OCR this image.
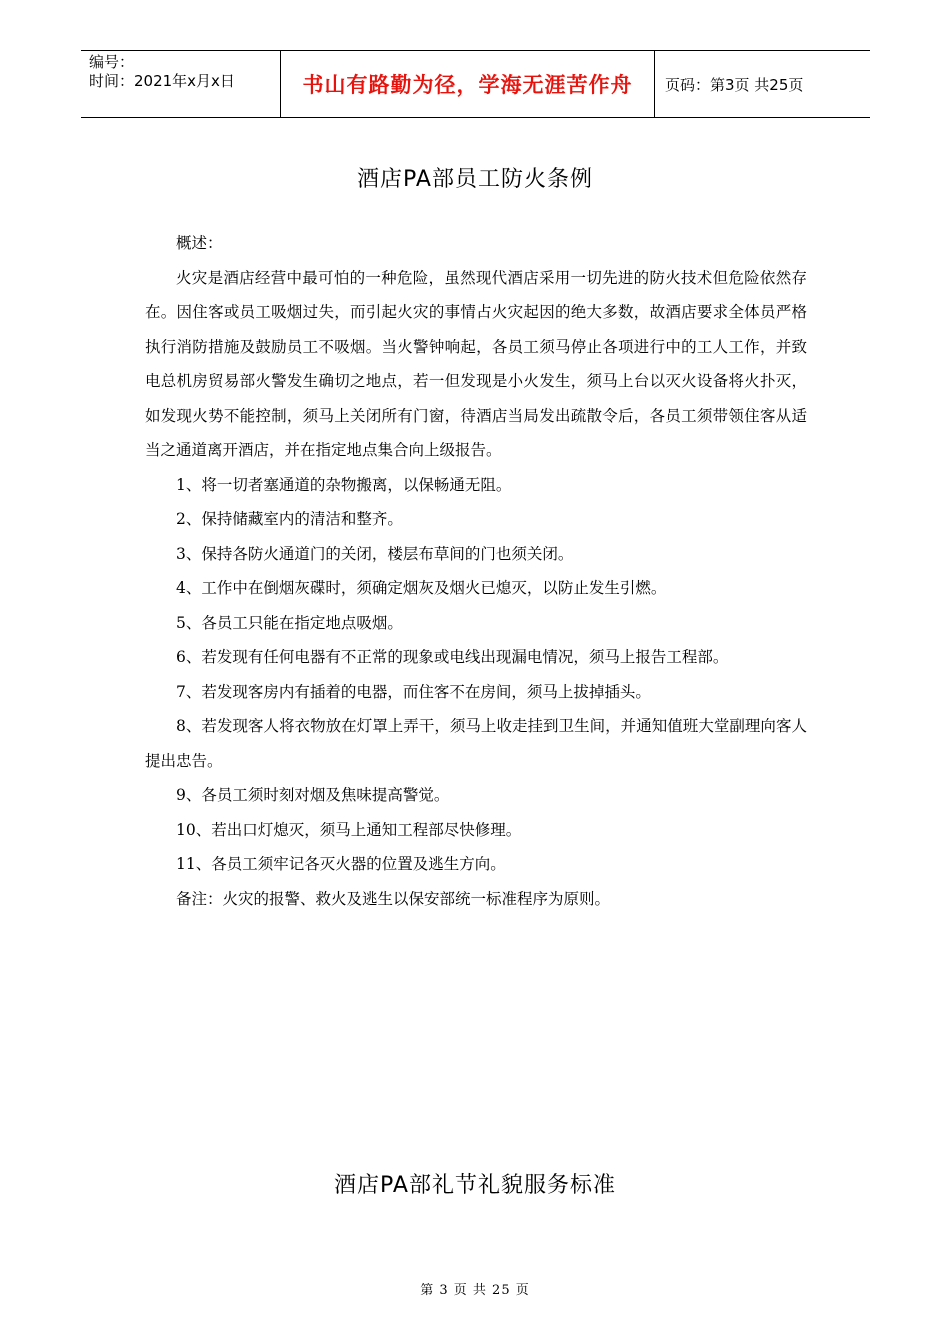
编号：
时间：2021年x月x日	书山有路勤为径，学海无涯苦作舟	页码：第3页 共25页
酒店PA部员工防火条例

概述：

火灾是酒店经营中最可怕的一种危险，虽然现代酒店采用一切先进的防火技术但危险依然存在。因住客或员工吸烟过失，而引起火灾的事情占火灾起因的绝大多数，故酒店要求全体员严格执行消防措施及鼓励员工不吸烟。当火警钟响起，各员工须马停止各项进行中的工人工作，并致电总机房贸易部火警发生确切之地点，若一但发现是小火发生，须马上台以灭火设备将火扑灭，如发现火势不能控制，须马上关闭所有门窗，待酒店当局发出疏散令后，各员工须带领住客从适当之通道离开酒店，并在指定地点集合向上级报告。

1、将一切者塞通道的杂物搬离，以保畅通无阻。

2、保持储藏室内的清洁和整齐。

3、保持各防火通道门的关闭，楼层布草间的门也须关闭。

4、工作中在倒烟灰碟时，须确定烟灰及烟火已熄灭，以防止发生引燃。

5、各员工只能在指定地点吸烟。

6、若发现有任何电器有不正常的现象或电线出现漏电情况，须马上报告工程部。

7、若发现客房内有插着的电器，而住客不在房间，须马上拔掉插头。

8、若发现客人将衣物放在灯罩上弄干，须马上收走挂到卫生间，并通知值班大堂副理向客人提出忠告。

9、各员工须时刻对烟及焦味提高警觉。

10、若出口灯熄灭，须马上通知工程部尽快修理。

11、各员工须牢记各灭火器的位置及逃生方向。

备注：火灾的报警、救火及逃生以保安部统一标准程序为原则。

酒店PA部礼节礼貌服务标准
第 3 页 共 25 页
